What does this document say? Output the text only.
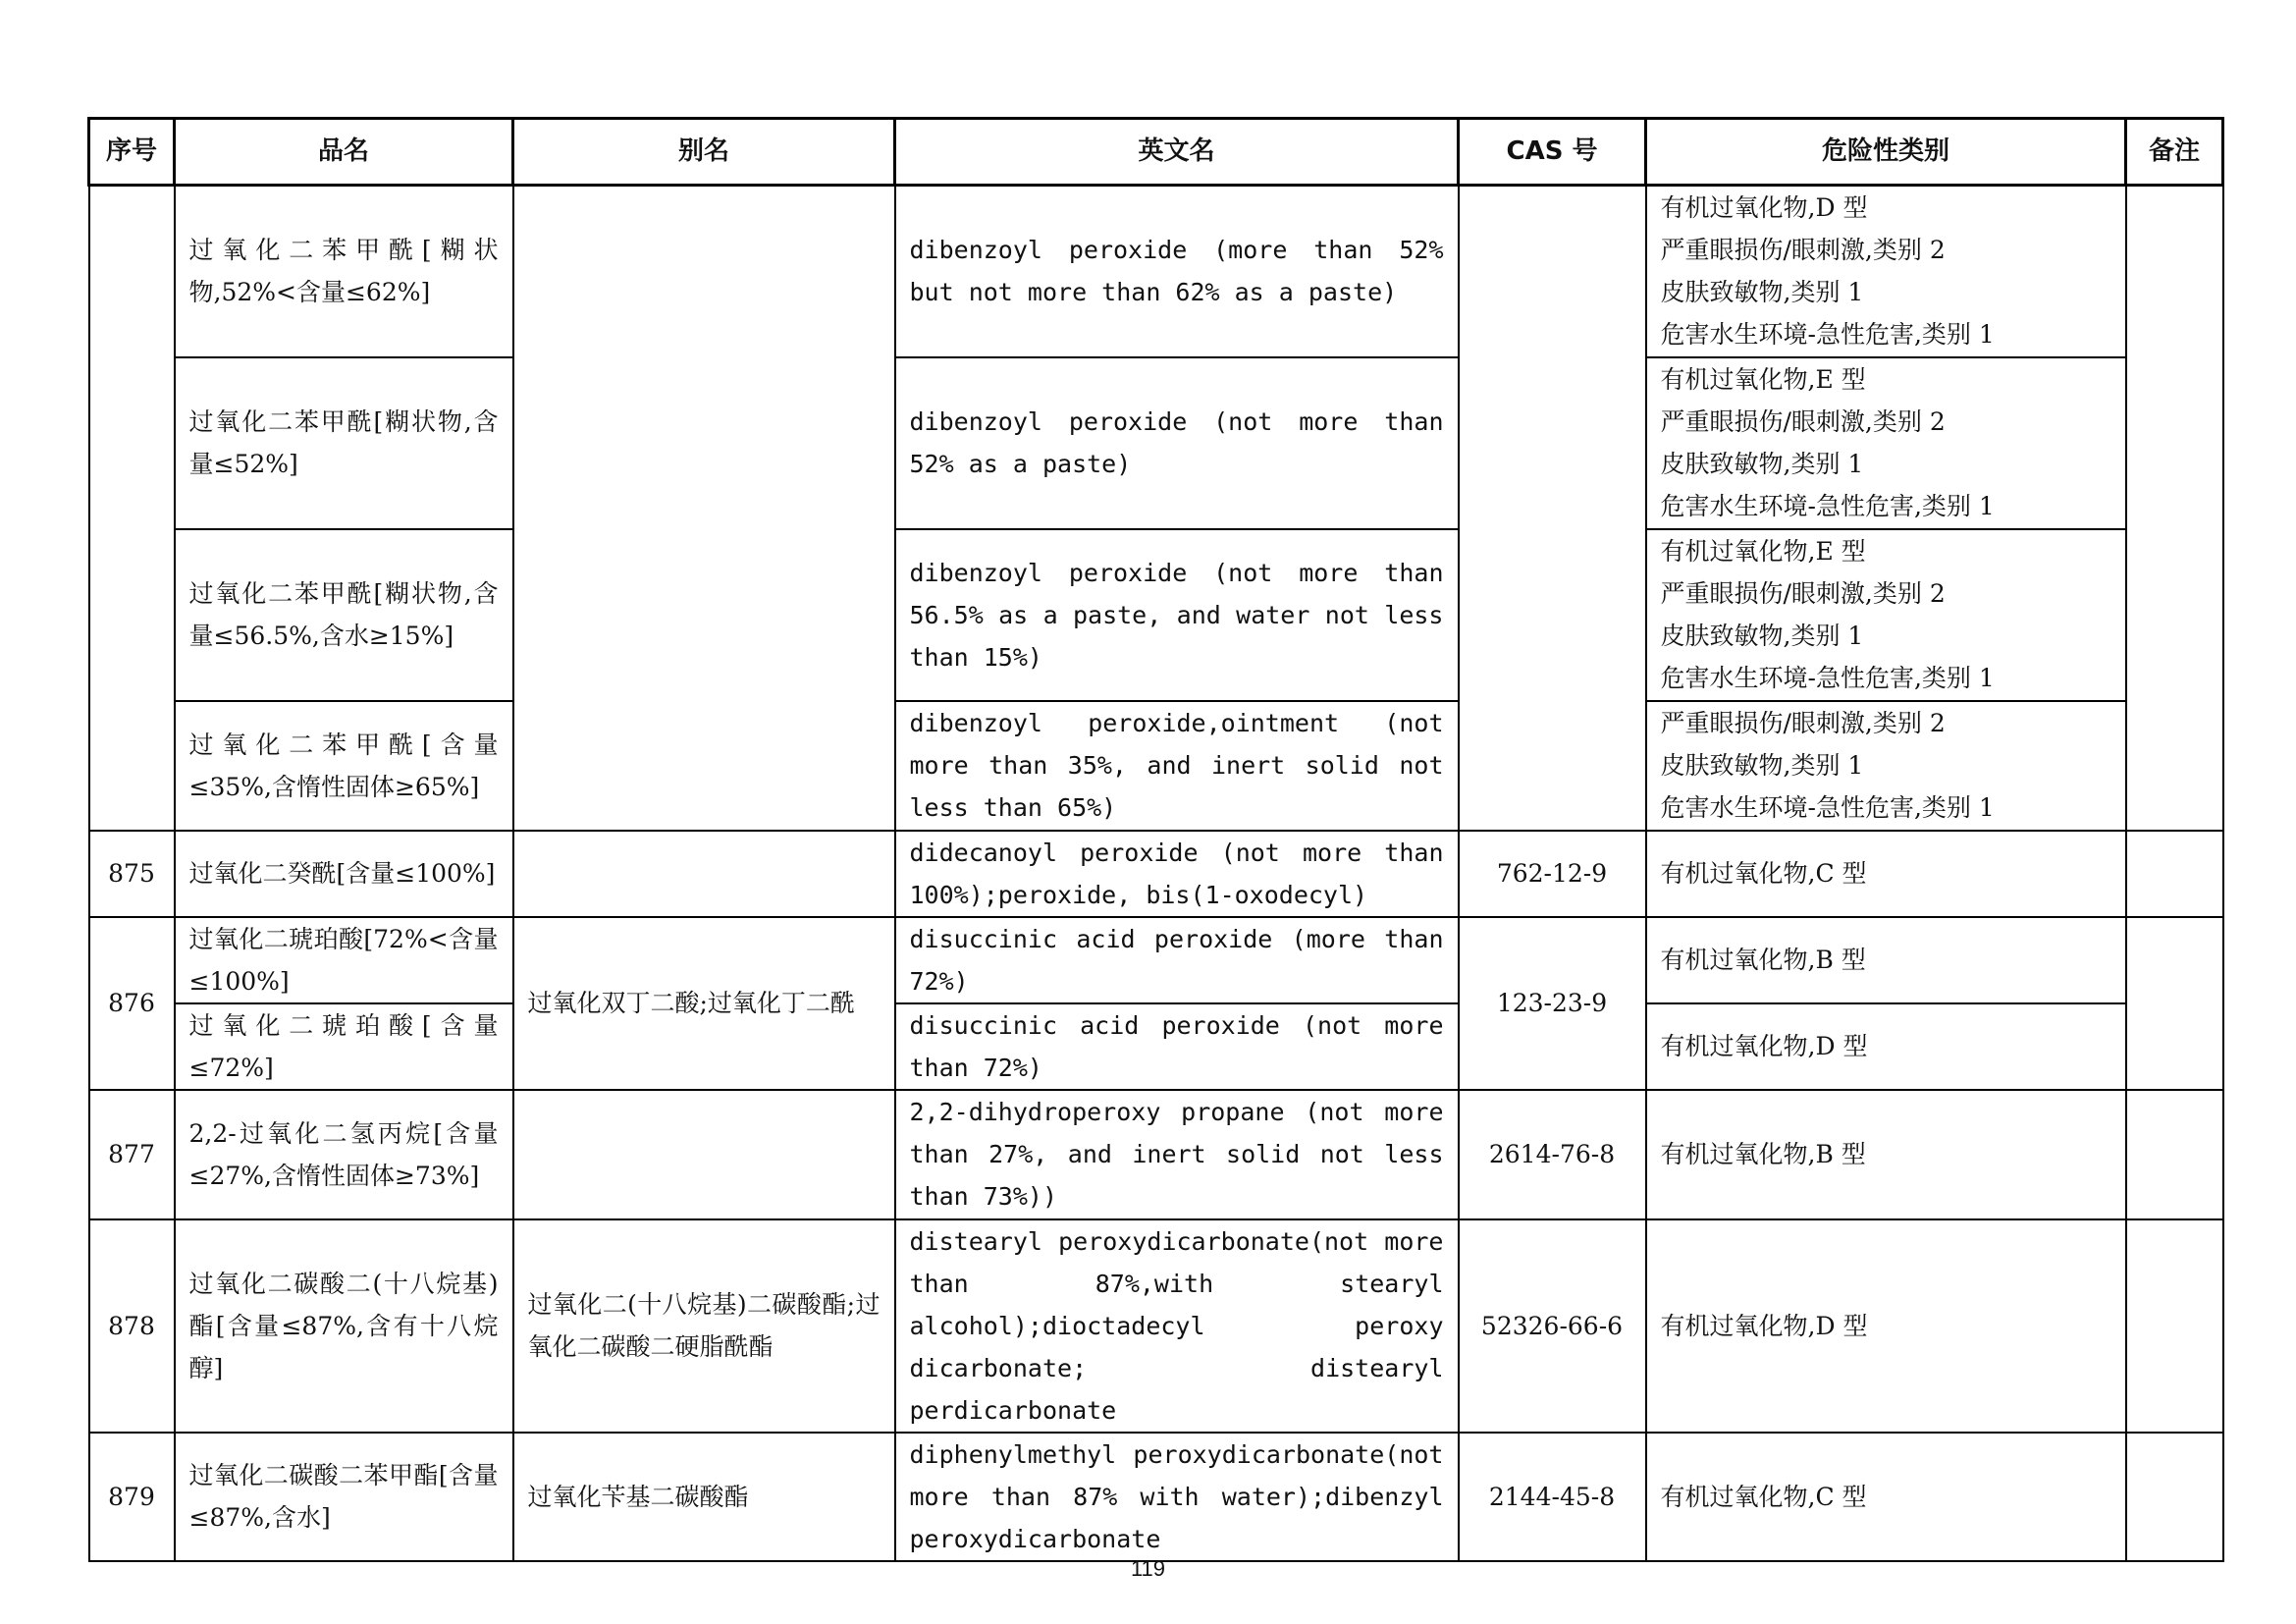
序号	品名	别名	英文名	CAS 号	危险性类别	备注
	过氧化二苯甲酰[糊状物,52%<含量≤62%]		dibenzoyl peroxide (more than 52% but not more than 62% as a paste)		有机过氧化物,D 型
严重眼损伤/眼刺激,类别 2
皮肤致敏物,类别 1
危害水生环境-急性危害,类别 1	
	过氧化二苯甲酰[糊状物,含量≤52%]		dibenzoyl peroxide (not more than 52% as a paste)		有机过氧化物,E 型
严重眼损伤/眼刺激,类别 2
皮肤致敏物,类别 1
危害水生环境-急性危害,类别 1	
	过氧化二苯甲酰[糊状物,含量≤56.5%,含水≥15%]		dibenzoyl peroxide (not more than 56.5% as a paste, and water not less than 15%)		有机过氧化物,E 型
严重眼损伤/眼刺激,类别 2
皮肤致敏物,类别 1
危害水生环境-急性危害,类别 1	
	过氧化二苯甲酰[含量≤35%,含惰性固体≥65%]		dibenzoyl peroxide,ointment (not more than 35%, and inert solid not less than 65%)		严重眼损伤/眼刺激,类别 2
皮肤致敏物,类别 1
危害水生环境-急性危害,类别 1	
875	过氧化二癸酰[含量≤100%]		didecanoyl peroxide (not more than 100%);peroxide, bis(1-oxodecyl)	762-12-9	有机过氧化物,C 型	
876	过氧化二琥珀酸[72%<含量≤100%]	过氧化双丁二酸;过氧化丁二酰	disuccinic acid peroxide (more than 72%)	123-23-9	有机过氧化物,B 型	
	过氧化二琥珀酸[含量≤72%]		disuccinic acid peroxide (not more than 72%)		有机过氧化物,D 型	
877	2,2-过氧化二氢丙烷[含量≤27%,含惰性固体≥73%]		2,2-dihydroperoxy propane (not more than 27%, and inert solid not less than 73%))	2614-76-8	有机过氧化物,B 型	
878	过氧化二碳酸二(十八烷基)酯[含量≤87%,含有十八烷醇]	过氧化二(十八烷基)二碳酸酯;过氧化二碳酸二硬脂酰酯	distearyl peroxydicarbonate(not more than 87%,with stearyl alcohol);dioctadecyl peroxy dicarbonate; distearyl perdicarbonate	52326-66-6	有机过氧化物,D 型	
879	过氧化二碳酸二苯甲酯[含量≤87%,含水]	过氧化苄基二碳酸酯	diphenylmethyl peroxydicarbonate(not more than 87% with water);dibenzyl peroxydicarbonate	2144-45-8	有机过氧化物,C 型	
119
